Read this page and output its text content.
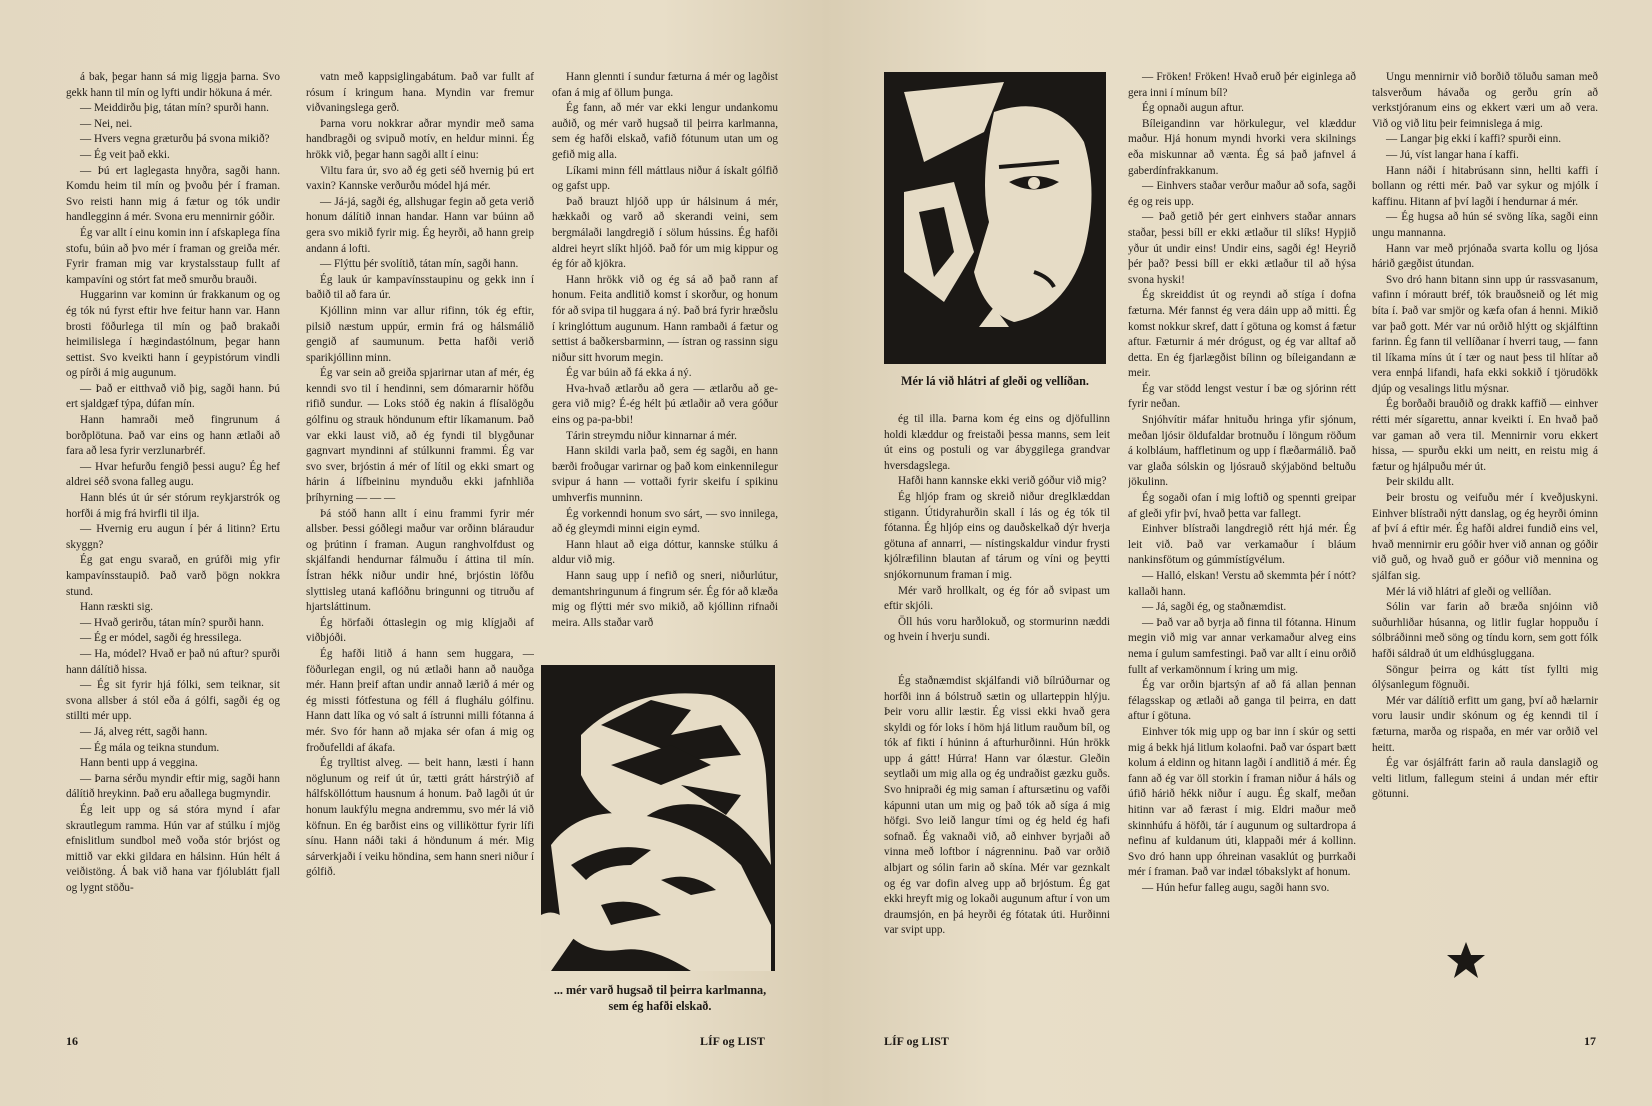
á bak, þegar hann sá mig liggja þarna. Svo gekk hann til mín og lyfti undir hökuna á mér.

— Meiddirðu þig, tátan mín? spurði hann.

— Nei, nei.

— Hvers vegna græturðu þá svona mikið?

— Ég veit það ekki.

— Þú ert laglegasta hnyðra, sagði hann. Komdu heim til mín og þvoðu þér í framan. Svo reisti hann mig á fætur og tók undir handlegginn á mér. Svona eru mennirnir góðir.

Ég var allt í einu komin inn í afskaplega fína stofu, búin að þvo mér í framan og greiða mér. Fyrir framan mig var krystalsstaup fullt af kampavíni og stórt fat með smurðu brauði.

Huggarinn var kominn úr frakkanum og og ég tók nú fyrst eftir hve feitur hann var. Hann brosti föðurlega til mín og það brakaði heimilislega í hægindastólnum, þegar hann settist. Svo kveikti hann í geypistórum vindli og pírði á mig augunum.

— Það er eitthvað við þig, sagði hann. Þú ert sjaldgæf týpa, dúfan mín.

Hann hamraði með fingrunum á borðplötuna. Það var eins og hann ætlaði að fara að lesa fyrir verzlunarbréf.

— Hvar hefurðu fengið þessi augu? Ég hef aldrei séð svona falleg augu.

Hann blés út úr sér stórum reykjarstrók og horfði á mig frá hvirfli til ilja.

— Hvernig eru augun í þér á litinn? Ertu skyggn?

Ég gat engu svarað, en grúfði mig yfir kampavínsstaupið. Það varð þögn nokkra stund.

Hann ræskti sig.

— Hvað gerirðu, tátan mín? spurði hann.

— Ég er módel, sagði ég hressilega.

— Ha, módel? Hvað er það nú aftur? spurði hann dálítið hissa.

— Ég sit fyrir hjá fólki, sem teiknar, sit svona allsber á stól eða á gólfi, sagði ég og stillti mér upp.

— Já, alveg rétt, sagði hann.

— Ég mála og teikna stundum.

Hann benti upp á veggina.

— Þarna sérðu myndir eftir mig, sagði hann dálítið hreykinn. Það eru aðallega bugmyndir.

Ég leit upp og sá stóra mynd í afar skrautlegum ramma. Hún var af stúlku í mjög efnislitlum sundbol með voða stór brjóst og mittið var ekki gildara en hálsinn. Hún hélt á veiðistöng. Á bak við hana var fjólublátt fjall og lygnt stöðu-

vatn með kappsiglingabátum. Það var fullt af rósum í kringum hana. Myndin var fremur viðvaningslega gerð.

Þarna voru nokkrar aðrar myndir með sama handbragði og svipuð motív, en heldur minni. Ég hrökk við, þegar hann sagði allt í einu:

Viltu fara úr, svo að ég geti séð hvernig þú ert vaxin? Kannske verðurðu módel hjá mér.

— Já-já, sagði ég, allshugar fegin að geta verið honum dálítið innan handar. Hann var búinn að gera svo mikið fyrir mig. Ég heyrði, að hann greip andann á lofti.

— Flýttu þér svolítið, tátan mín, sagði hann.

Ég lauk úr kampavínsstaupinu og gekk inn í baðið til að fara úr.

Kjóllinn minn var allur rifinn, tók ég eftir, pilsið næstum uppúr, ermin frá og hálsmálið gengið af saumunum. Þetta hafði verið sparikjóllinn minn.

Ég var sein að greiða spjarirnar utan af mér, ég kenndi svo til í hendinni, sem dómararnir höfðu rifið sundur. — Loks stóð ég nakin á flísalögðu gólfinu og strauk höndunum eftir líkamanum. Það var ekki laust við, að ég fyndi til blygðunar gagnvart myndinni af stúlkunni frammi. Ég var svo sver, brjóstin á mér of lítil og ekki smart og hárin á lífbeininu mynduðu ekki jafnhliða þríhyrning — — —

Þá stóð hann allt í einu frammi fyrir mér allsber. Þessi góðlegi maður var orðinn bláraudur og þrútinn í framan. Augun ranghvolfdust og skjálfandi hendurnar fálmuðu í áttina til mín. Ístran hékk niður undir hné, brjóstin löfðu slyttisleg utaná kaflóðnu bringunni og titruðu af hjartsláttinum.

Ég hörfaði óttaslegin og mig klígjaði af viðbjóði.

Ég hafði litið á hann sem huggara, — föðurlegan engil, og nú ætlaði hann að nauðga mér. Hann þreif aftan undir annað lærið á mér og ég missti fótfestuna og féll á flughálu gólfinu. Hann datt líka og vó salt á ístrunni milli fótanna á mér. Svo fór hann að mjaka sér ofan á mig og froðufelldi af ákafa.

Ég trylltist alveg. — beit hann, læsti í hann nöglunum og reif út úr, tætti grátt hárstrýið af hálfsköllóttum hausnum á honum. Það lagði út úr honum laukfýlu megna andremmu, svo mér lá við köfnun. En ég barðist eins og villiköttur fyrir lífi sínu. Hann náði taki á höndunum á mér. Mig sárverkjaði í veiku höndina, sem hann sneri niður í gólfið.

Hann glennti í sundur fæturna á mér og lagðist ofan á mig af öllum þunga.

Ég fann, að mér var ekki lengur undankomu auðið, og mér varð hugsað til þeirra karlmanna, sem ég hafði elskað, vafið fótunum utan um og gefið mig alla.

Líkami minn féll máttlaus niður á ískalt gólfið og gafst upp.

Það brauzt hljóð upp úr hálsinum á mér, hækkaði og varð að skerandi veini, sem bergmálaði langdregið í sölum hússins. Ég hafði aldrei heyrt slíkt hljóð. Það fór um mig kippur og ég fór að kjökra.

Hann hrökk við og ég sá að það rann af honum. Feita andlitið komst í skorður, og honum fór að svipa til huggara á ný. Það brá fyrir hræðslu í kringlóttum augunum. Hann rambaði á fætur og settist á baðkersbarminn, — ístran og rassinn sigu niður sitt hvorum megin.

Ég var búin að fá ekka á ný.

Hva-hvað ætlarðu að gera — ætlarðu að ge-gera við mig? É-ég hélt þú ætlaðir að vera góður eins og pa-pa-bbi!

Tárin streymdu niður kinnarnar á mér.

Hann skildi varla það, sem ég sagði, en hann bærði froðugar varirnar og það kom einkennilegur svipur á hann — vottaði fyrir skeifu í spikinu umhverfis munninn.

Ég vorkenndi honum svo sárt, — svo innilega, að ég gleymdi minni eigin eymd.

Hann hlaut að eiga dóttur, kannske stúlku á aldur við mig.

Hann saug upp í nefið og sneri, niðurlútur, demantshringunum á fingrum sér. Ég fór að klæða mig og flýtti mér svo mikið, að kjóllinn rifnaði meira. Alls staðar varð

... mér varð hugsað til þeirra karlmanna, sem ég hafði elskað.
16	LÍF og LIST
Mér lá við hlátri af gleði og vellíðan.

ég til illa. Þarna kom ég eins og djöfullinn holdi klæddur og freistaði þessa manns, sem leit út eins og postuli og var ábyggilega grandvar hversdagslega.

Hafði hann kannske ekki verið góður við mig?

Ég hljóp fram og skreið niður dreglklæddan stigann. Útidyrahurðin skall í lás og ég tók til fótanna. Ég hljóp eins og dauðskelkað dýr hverja götuna af annarri, — nístingskaldur vindur frysti kjólræfilinn blautan af tárum og víni og þeytti snjókornunum framan í mig.

Mér varð hrollkalt, og ég fór að svipast um eftir skjóli.

Öll hús voru harðlokuð, og stormurinn næddi og hvein í hverju sundi.

Ég staðnæmdist skjálfandi við bílrúðurnar og horfði inn á bólstruð sætin og ullarteppin hlýju. Þeir voru allir læstir. Ég vissi ekki hvað gera skyldi og fór loks í höm hjá litlum rauðum bíl, og tók af fikti í húninn á afturhurðinni. Hún hrökk upp á gátt! Húrra! Hann var ólæstur. Gleðin seytlaði um mig alla og ég undraðist gæzku guðs. Svo hnipraði ég mig saman í aftursætinu og vafði kápunni utan um mig og það tók að síga á mig höfgi. Svo leið langur tími og ég held ég hafi sofnað. Ég vaknaði við, að einhver byrjaði að vinna með loftbor í nágrenninu. Það var orðið albjart og sólin farin að skína. Mér var geznkalt og ég var dofin alveg upp að brjóstum. Ég gat ekki hreyft mig og lokaði augunum aftur í von um draumsjón, en þá heyrði ég fótatak úti. Hurðinni var svipt upp.

— Fröken! Fröken! Hvað eruð þér eiginlega að gera inni í mínum bíl?

Ég opnaði augun aftur.

Bíleigandinn var hörkulegur, vel klæddur maður. Hjá honum myndi hvorki vera skilnings eða miskunnar að vænta. Ég sá það jafnvel á gaberdínfrakkanum.

— Einhvers staðar verður maður að sofa, sagði ég og reis upp.

— Það getið þér gert einhvers staðar annars staðar, þessi bíll er ekki ætlaður til slíks! Hypjið yður út undir eins! Undir eins, sagði ég! Heyrið þér það? Þessi bíll er ekki ætlaður til að hýsa svona hyski!

Ég skreiddist út og reyndi að stíga í dofna fæturna. Mér fannst ég vera dáin upp að mitti. Ég komst nokkur skref, datt í götuna og komst á fætur aftur. Fæturnir á mér drógust, og ég var alltaf að detta. En ég fjarlægðist bílinn og bíleigandann æ meir.

Ég var stödd lengst vestur í bæ og sjórinn rétt fyrir neðan.

Snjóhvítir máfar hnituðu hringa yfir sjónum, meðan ljósir öldufaldar brotnuðu í löngum röðum á kolbláum, haffletinum og upp í flæðarmálið. Það var glaða sólskin og ljósrauð skýjabönd beltuðu jökulinn.

Ég sogaði ofan í mig loftið og spennti greipar af gleði yfir því, hvað þetta var fallegt.

Einhver blístraði langdregið rétt hjá mér. Ég leit við. Það var verkamaður í bláum nankinsfötum og gúmmístígvélum.

— Halló, elskan! Verstu að skemmta þér í nótt? kallaði hann.

— Já, sagði ég, og staðnæmdist.

— Það var að byrja að finna til fótanna. Hinum megin við mig var annar verkamaður alveg eins nema í gulum samfestingi. Það var allt í einu orðið fullt af verkamönnum í kring um mig.

Ég var orðin bjartsýn af að fá allan þennan félagsskap og ætlaði að ganga til þeirra, en datt aftur í götuna.

Einhver tók mig upp og bar inn í skúr og setti mig á bekk hjá litlum kolaofni. Það var óspart bætt kolum á eldinn og hitann lagði í andlitið á mér. Ég fann að ég var öll storkin í framan niður á háls og úfið hárið hékk niður í augu. Ég skalf, meðan hitinn var að færast í mig. Eldri maður með skinnhúfu á höfði, tár í augunum og sultardropa á nefinu af kuldanum úti, klappaði mér á kollinn. Svo dró hann upp óhreinan vasaklút og þurrkaði mér í framan. Það var indæl tóbakslykt af honum.

— Hún hefur falleg augu, sagði hann svo.

Ungu mennirnir við borðið töluðu saman með talsverðum hávaða og gerðu grín að verkstjóranum eins og ekkert væri um að vera. Við og við litu þeir feimnislega á mig.

— Langar þig ekki í kaffi? spurði einn.

— Jú, víst langar hana í kaffi.

Hann náði í hitabrúsann sinn, hellti kaffi í bollann og rétti mér. Það var sykur og mjólk í kaffinu. Hitann af því lagði í hendurnar á mér.

— Ég hugsa að hún sé svöng líka, sagði einn ungu mannanna.

Hann var með prjónaða svarta kollu og ljósa hárið gægðist útundan.

Svo dró hann bitann sinn upp úr rassvasanum, vafinn í mórautt bréf, tók brauðsneið og lét mig bíta í. Það var smjör og kæfa ofan á henni. Mikið var það gott. Mér var nú orðið hlýtt og skjálftinn farinn. Ég fann til vellíðanar í hverri taug, — fann til líkama míns út í tær og naut þess til hlítar að vera ennþá lifandi, hafa ekki sokkið í tjörudökk djúp og vesalings litlu mýsnar.

Ég borðaði brauðið og drakk kaffið — einhver rétti mér sígarettu, annar kveikti í. En hvað það var gaman að vera til. Mennirnir voru ekkert hissa, — spurðu ekki um neitt, en reistu mig á fætur og hjálpuðu mér út.

Þeir skildu allt.

Þeir brostu og veifuðu mér í kveðjuskyni. Einhver blístraði nýtt danslag, og ég heyrði óminn af því á eftir mér. Ég hafði aldrei fundið eins vel, hvað mennirnir eru góðir hver við annan og góðir við guð, og hvað guð er góður við mennina og sjálfan sig.

Mér lá við hlátri af gleði og vellíðan.

Sólin var farin að bræða snjóinn við suðurhliðar húsanna, og litlir fuglar hoppuðu í sólbráðinni með söng og tíndu korn, sem gott fólk hafði sáldrað út um eldhúsgluggana.

Söngur þeirra og kátt tíst fyllti mig ólýsanlegum fögnuði.

Mér var dálítið erfitt um gang, því að hælarnir voru lausir undir skónum og ég kenndi til í fæturna, marða og rispaða, en mér var orðið vel heitt.

Ég var ósjálfrátt farin að raula danslagið og velti litlum, fallegum steini á undan mér eftir götunni.

LÍF og LIST	17
